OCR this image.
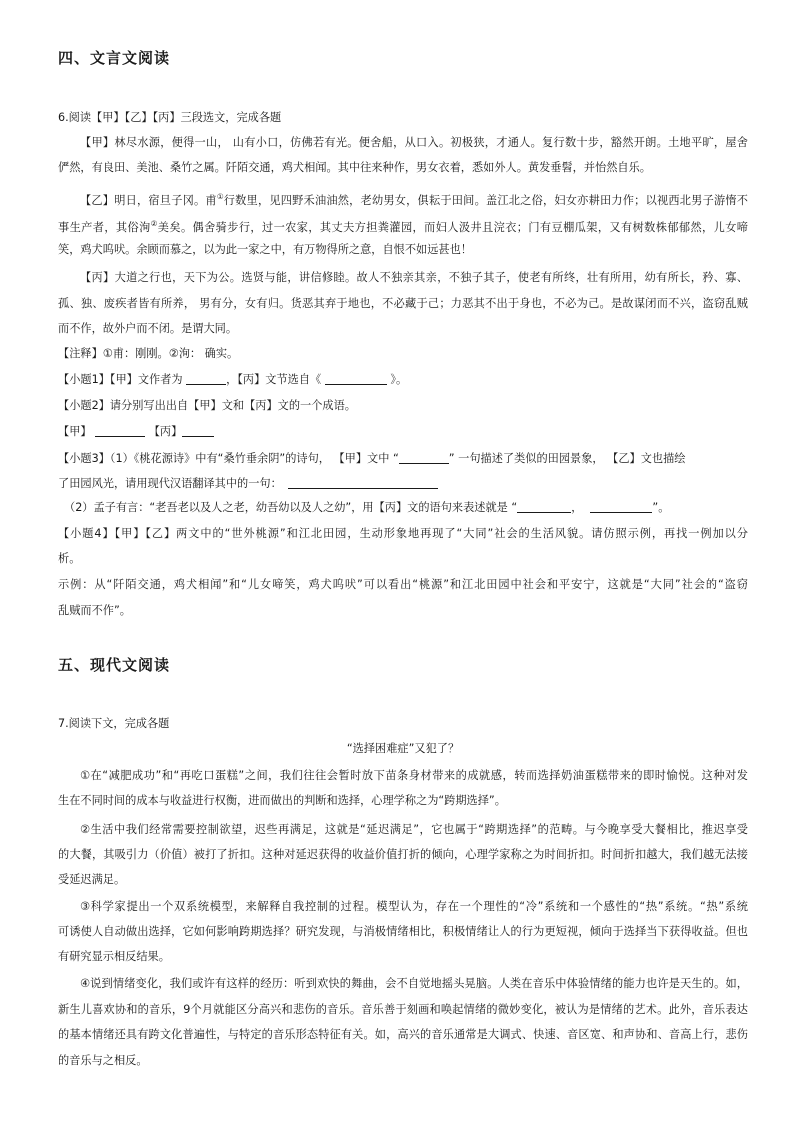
四、文言文阅读
6.阅读【甲】【乙】【丙】三段选文，完成各题
【甲】林尽水源，便得一山， 山有小口，仿佛若有光。便舍船，从口入。初极狭，才通人。复行数十步，豁然开朗。土地平旷，屋舍
俨然，有良田、美池、桑竹之属。阡陌交通，鸡犬相闻。其中往来种作，男女衣着，悉如外人。黄发垂髫，并怡然自乐。
【乙】明日，宿旦子冈。甫①行数里，见四野禾油油然，老幼男女，俱耘于田间。盖江北之俗，妇女亦耕田力作；以视西北男子游惰不
事生产者，其俗洵②美矣。偶舍骑步行，过一农家，其丈夫方担粪灌园，而妇人汲井且浣衣；门有豆棚瓜架，又有树数株郁郁然，儿女啼
笑，鸡犬呜吠。余顾而慕之，以为此一家之中，有万物得所之意，自恨不如远甚也！
【丙】大道之行也，天下为公。选贤与能，讲信修睦。故人不独亲其亲，不独子其子，使老有所终，壮有所用，幼有所长，矜、寡、
孤、独、废疾者皆有所养， 男有分，女有归。货恶其弃于地也，不必藏于己；力恶其不出于身也，不必为己。是故谋闭而不兴，盗窃乱贼
而不作，故外户而不闭。是谓大同。
【注释】①甫：刚刚。②洵： 确实。
【小题1】【甲】文作者为	，【丙】文节选自《	》。
【小题2】请分别写出出自【甲】文和【丙】文的一个成语。
【甲】	【丙】
【小题3】（1）《桃花源诗》中有“桑竹垂余阴”的诗句， 【甲】文中 “	” 一句描述了类似的田园景象， 【乙】文也描绘
了田园风光，请用现代汉语翻译其中的一句：
（2）孟子有言：“老吾老以及人之老，幼吾幼以及人之幼”，用【丙】文的语句来表述就是 “	，	”。
【小题4】【甲】【乙】两文中的“世外桃源”和江北田园，生动形象地再现了“大同”社会的生活风貌。请仿照示例，再找一例加以分
析。
示例：从“阡陌交通，鸡犬相闻”和“儿女啼笑，鸡犬呜吠”可以看出“桃源”和江北田园中社会和平安宁，这就是“大同”社会的“盗窃
乱贼而不作”。
五、现代文阅读
7.阅读下文，完成各题
“选择困难症”又犯了？
①在“减肥成功”和“再吃口蛋糕”之间，我们往往会暂时放下苗条身材带来的成就感，转而选择奶油蛋糕带来的即时愉悦。这种对发
生在不同时间的成本与收益进行权衡，进而做出的判断和选择，心理学称之为“跨期选择”。
②生活中我们经常需要控制欲望，迟些再满足，这就是“延迟满足”，它也属于“跨期选择”的范畴。与今晚享受大餐相比，推迟享受
的大餐，其吸引力（价值）被打了折扣。这种对延迟获得的收益价值打折的倾向，心理学家称之为时间折扣。时间折扣越大，我们越无法接
受延迟满足。
③科学家提出一个双系统模型，来解释自我控制的过程。模型认为，存在一个理性的“冷”系统和一个感性的“热”系统。“热”系统
可诱使人自动做出选择，它如何影响跨期选择？研究发现，与消极情绪相比，积极情绪让人的行为更短视，倾向于选择当下获得收益。但也
有研究显示相反结果。
④说到情绪变化，我们或许有这样的经历：听到欢快的舞曲，会不自觉地摇头晃脑。人类在音乐中体验情绪的能力也许是天生的。如，
新生儿喜欢协和的音乐，9个月就能区分高兴和悲伤的音乐。音乐善于刻画和唤起情绪的微妙变化，被认为是情绪的艺术。此外，音乐表达
的基本情绪还具有跨文化普遍性，与特定的音乐形态特征有关。如，高兴的音乐通常是大调式、快速、音区宽、和声协和、音高上行，悲伤
的音乐与之相反。
